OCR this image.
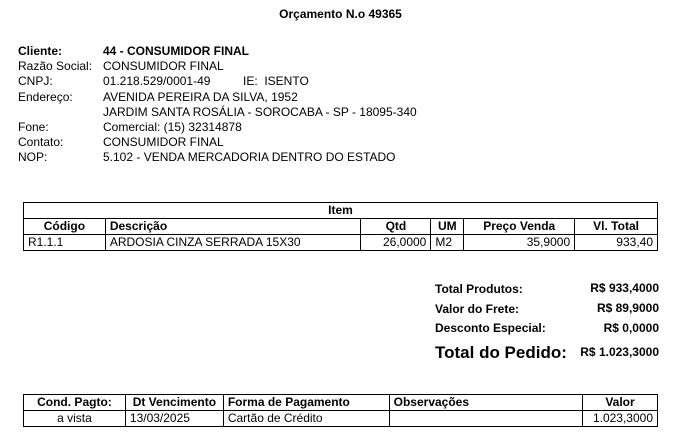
Orçamento N.o 49365
Cliente:	44 - CONSUMIDOR FINAL
Razão Social: CONSUMIDOR FINAL
CNPJ:	01.218.529/0001-49	IE: ISENTO
Endereço:	AVENIDA PEREIRA DA SILVA, 1952
JARDIM SANTA ROSÁLIA - SOROCABA - SP - 18095-340
Fone:	Comercial: (15) 32314878
Contato:	CONSUMIDOR FINAL
NOP:	5.102 - VENDA MERCADORIA DENTRO DO ESTADO
Item					
Código	Descrição	Qtd	UM	Preço Venda	Vl. Total
R1.1.1	ARDOSIA CINZA SERRADA 15X30	26,0000	M2	35,9000	933,40
Total Produtos:	R$ 933,4000
Valor do Frete:	R$ 89,9000
Desconto Especial:	R$ 0,0000
Total do Pedido: R$ 1.023,3000
Cond. Pagto:	Dt Vencimento	Forma de Pagamento	Observações	Valor
a vista	13/03/2025	Cartão de Crédito		1.023,3000
